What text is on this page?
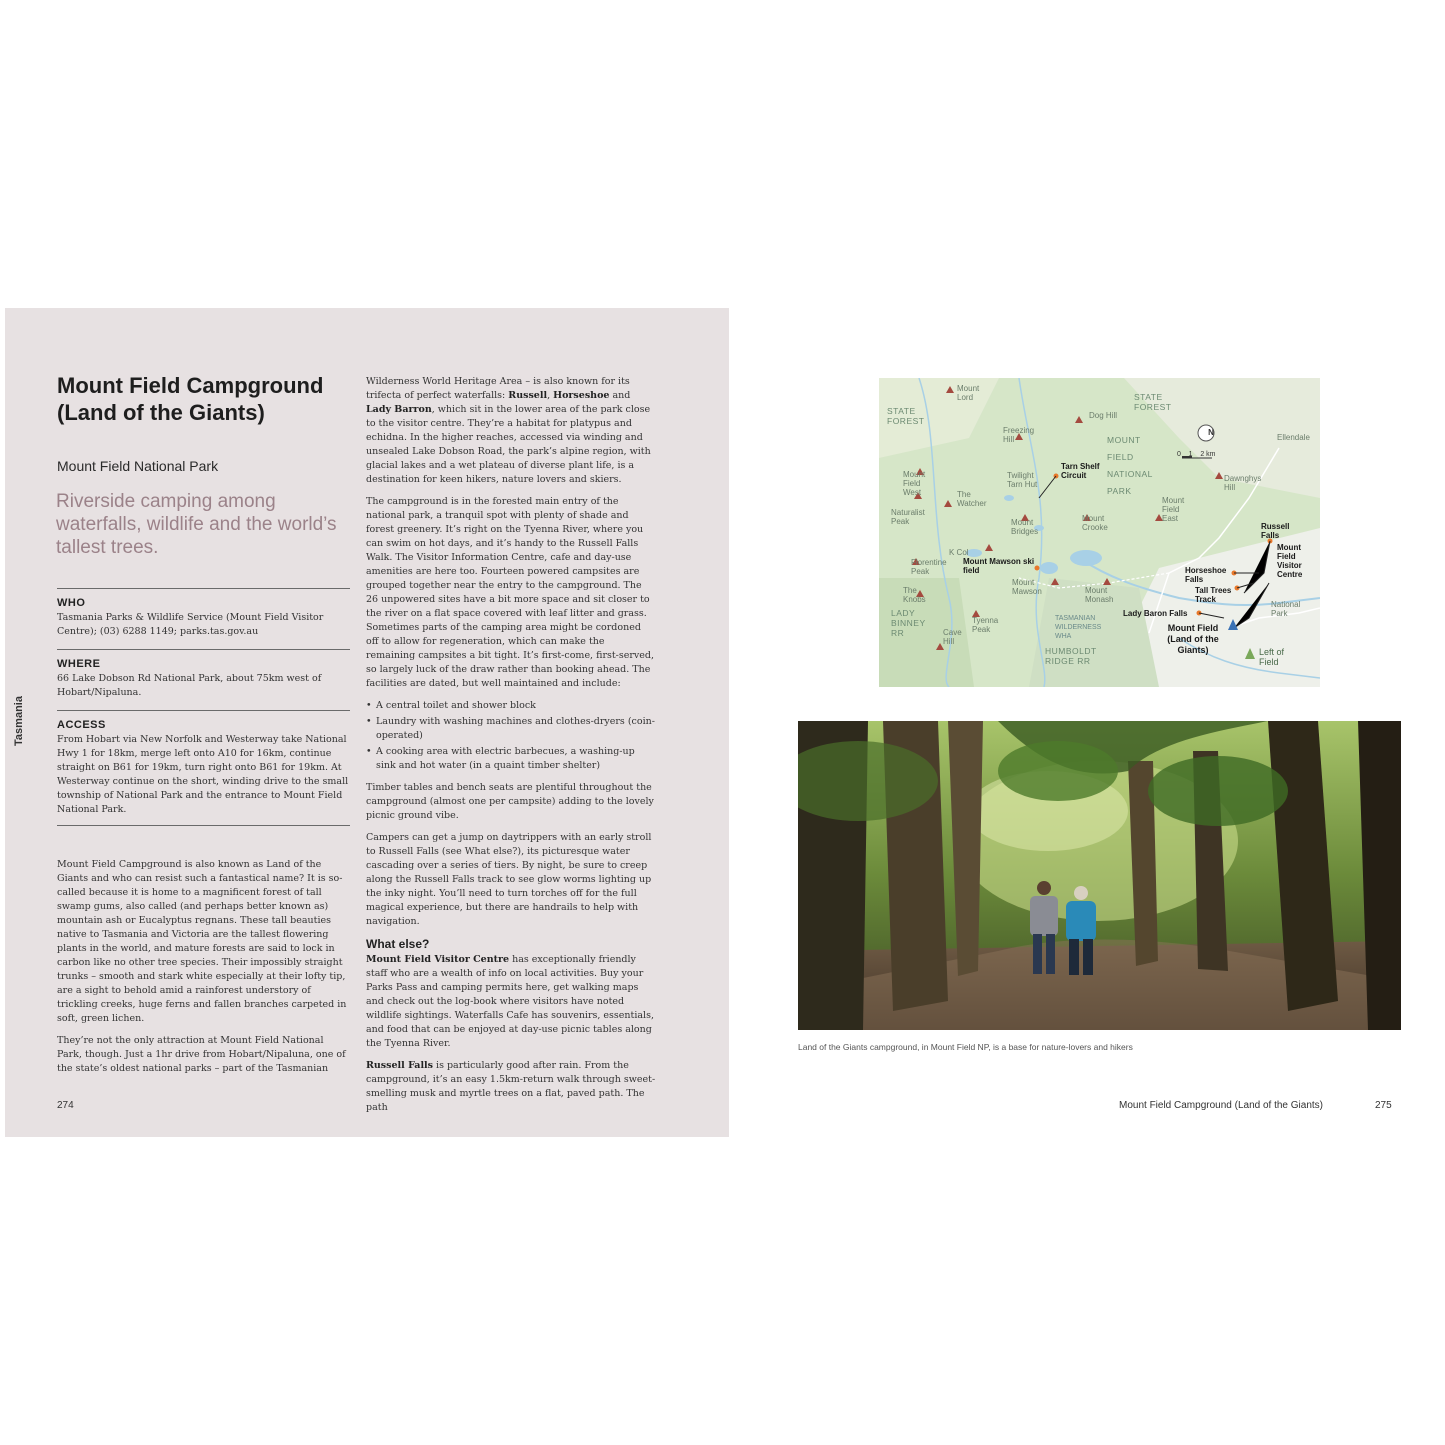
Tasmania
Mount Field Campground (Land of the Giants)
Mount Field National Park
Riverside camping among waterfalls, wildlife and the world’s tallest trees.
WHO
Tasmania Parks & Wildlife Service (Mount Field Visitor Centre); (03) 6288 1149; parks.tas.gov.au
WHERE
66 Lake Dobson Rd National Park, about 75km west of Hobart/Nipaluna.
ACCESS
From Hobart via New Norfolk and Westerway take National Hwy 1 for 18km, merge left onto A10 for 16km, continue straight on B61 for 19km, turn right onto B61 for 19km. At Westerway continue on the short, winding drive to the small township of National Park and the entrance to Mount Field National Park.

Mount Field Campground is also known as Land of the Giants and who can resist such a fantastical name? It is so-called because it is home to a magnificent forest of tall swamp gums, also called (and perhaps better known as) mountain ash or Eucalyptus regnans. These tall beauties native to Tasmania and Victoria are the tallest flowering plants in the world, and mature forests are said to lock in carbon like no other tree species. Their impossibly straight trunks – smooth and stark white especially at their lofty tip, are a sight to behold amid a rainforest understory of trickling creeks, huge ferns and fallen branches carpeted in soft, green lichen.

They’re not the only attraction at Mount Field National Park, though. Just a 1hr drive from Hobart/Nipaluna, one of the state’s oldest national parks – part of the Tasmanian

Wilderness World Heritage Area – is also known for its trifecta of perfect waterfalls: Russell, Horseshoe and Lady Barron, which sit in the lower area of the park close to the visitor centre. They’re a habitat for platypus and echidna. In the higher reaches, accessed via winding and unsealed Lake Dobson Road, the park’s alpine region, with glacial lakes and a wet plateau of diverse plant life, is a destination for keen hikers, nature lovers and skiers.

The campground is in the forested main entry of the national park, a tranquil spot with plenty of shade and forest greenery. It’s right on the Tyenna River, where you can swim on hot days, and it’s handy to the Russell Falls Walk. The Visitor Information Centre, cafe and day-use amenities are here too. Fourteen powered campsites are grouped together near the entry to the campground. The 26 unpowered sites have a bit more space and sit closer to the river on a flat space covered with leaf litter and grass. Sometimes parts of the camping area might be cordoned off to allow for regeneration, which can make the remaining campsites a bit tight. It’s first-come, first-served, so largely luck of the draw rather than booking ahead. The facilities are dated, but well maintained and include:

• A central toilet and shower block
• Laundry with washing machines and clothes-dryers (coin-operated)
• A cooking area with electric barbecues, a washing-up sink and hot water (in a quaint timber shelter)

Timber tables and bench seats are plentiful throughout the campground (almost one per campsite) adding to the lovely picnic ground vibe.

Campers can get a jump on daytrippers with an early stroll to Russell Falls (see What else?), its picturesque water cascading over a series of tiers. By night, be sure to creep along the Russell Falls track to see glow worms lighting up the inky night. You’ll need to turn torches off for the full magical experience, but there are handrails to help with navigation.

What else?

Mount Field Visitor Centre has exceptionally friendly staff who are a wealth of info on local activities. Buy your Parks Pass and camping permits here, get walking maps and check out the log-book where visitors have noted wildlife sightings. Waterfalls Cafe has souvenirs, essentials, and food that can be enjoyed at day-use picnic tables along the Tyenna River.

Russell Falls is particularly good after rain. From the campground, it’s an easy 1.5km-return walk through sweet-smelling musk and myrtle trees on a flat, paved path. The path

274
N
0    1    2 km
STATE FOREST
STATE FOREST
MOUNT FIELD NATIONAL PARK
Ellendale
Mount Lord
Dog Hill
Freezing Hill
Tarn Shelf Circuit
Twilight Tarn Hut
Mount Field West	The Watcher
Naturalist Peak	Mount Bridges
Mount Field East
Mount Crooke
Dawnghys Hill
Russell Falls
Mount Field Visitor Centre
K Col
Mount Mawson ski field
Florentine Peak
Mount Mawson
Horseshoe Falls
Tall Trees Track
The Knobs
Mount Monash
Lady Baron Falls
National Park
LADY BINNEY RR
Tyenna Peak
TASMANIAN WILDERNESS WHA
Mount Field (Land of the Giants)
Cave Hill
HUMBOLDT RIDGE RR
Left of Field
Land of the Giants campground, in Mount Field NP, is a base for nature-lovers and hikers
Mount Field Campground (Land of the Giants)	275
